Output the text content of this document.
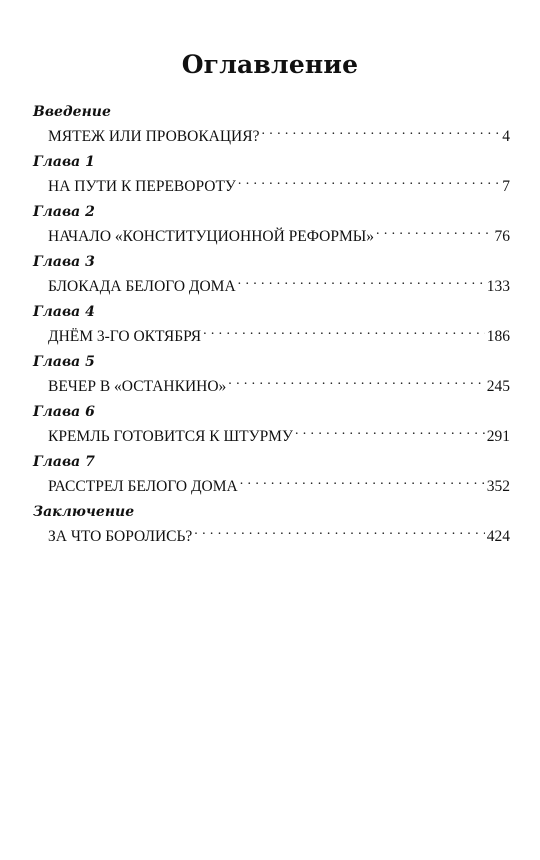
Оглавление
Введение
МЯТЕЖ ИЛИ ПРОВОКАЦИЯ? . . .	4
Глава 1
НА ПУТИ К ПЕРЕВОРОТУ . . .	7
Глава 2
НАЧАЛО «КОНСТИТУЦИОННОЙ РЕФОРМЫ» . . .	76
Глава 3
БЛОКАДА БЕЛОГО ДОМА . . .	133
Глава 4
ДНЁМ 3-ГО ОКТЯБРЯ . . .	186
Глава 5
ВЕЧЕР В «ОСТАНКИНО» . . .	245
Глава 6
КРЕМЛЬ ГОТОВИТСЯ К ШТУРМУ . . .	291
Глава 7
РАССТРЕЛ БЕЛОГО ДОМА . . .	352
Заключение
ЗА ЧТО БОРОЛИСЬ? . . .	424
